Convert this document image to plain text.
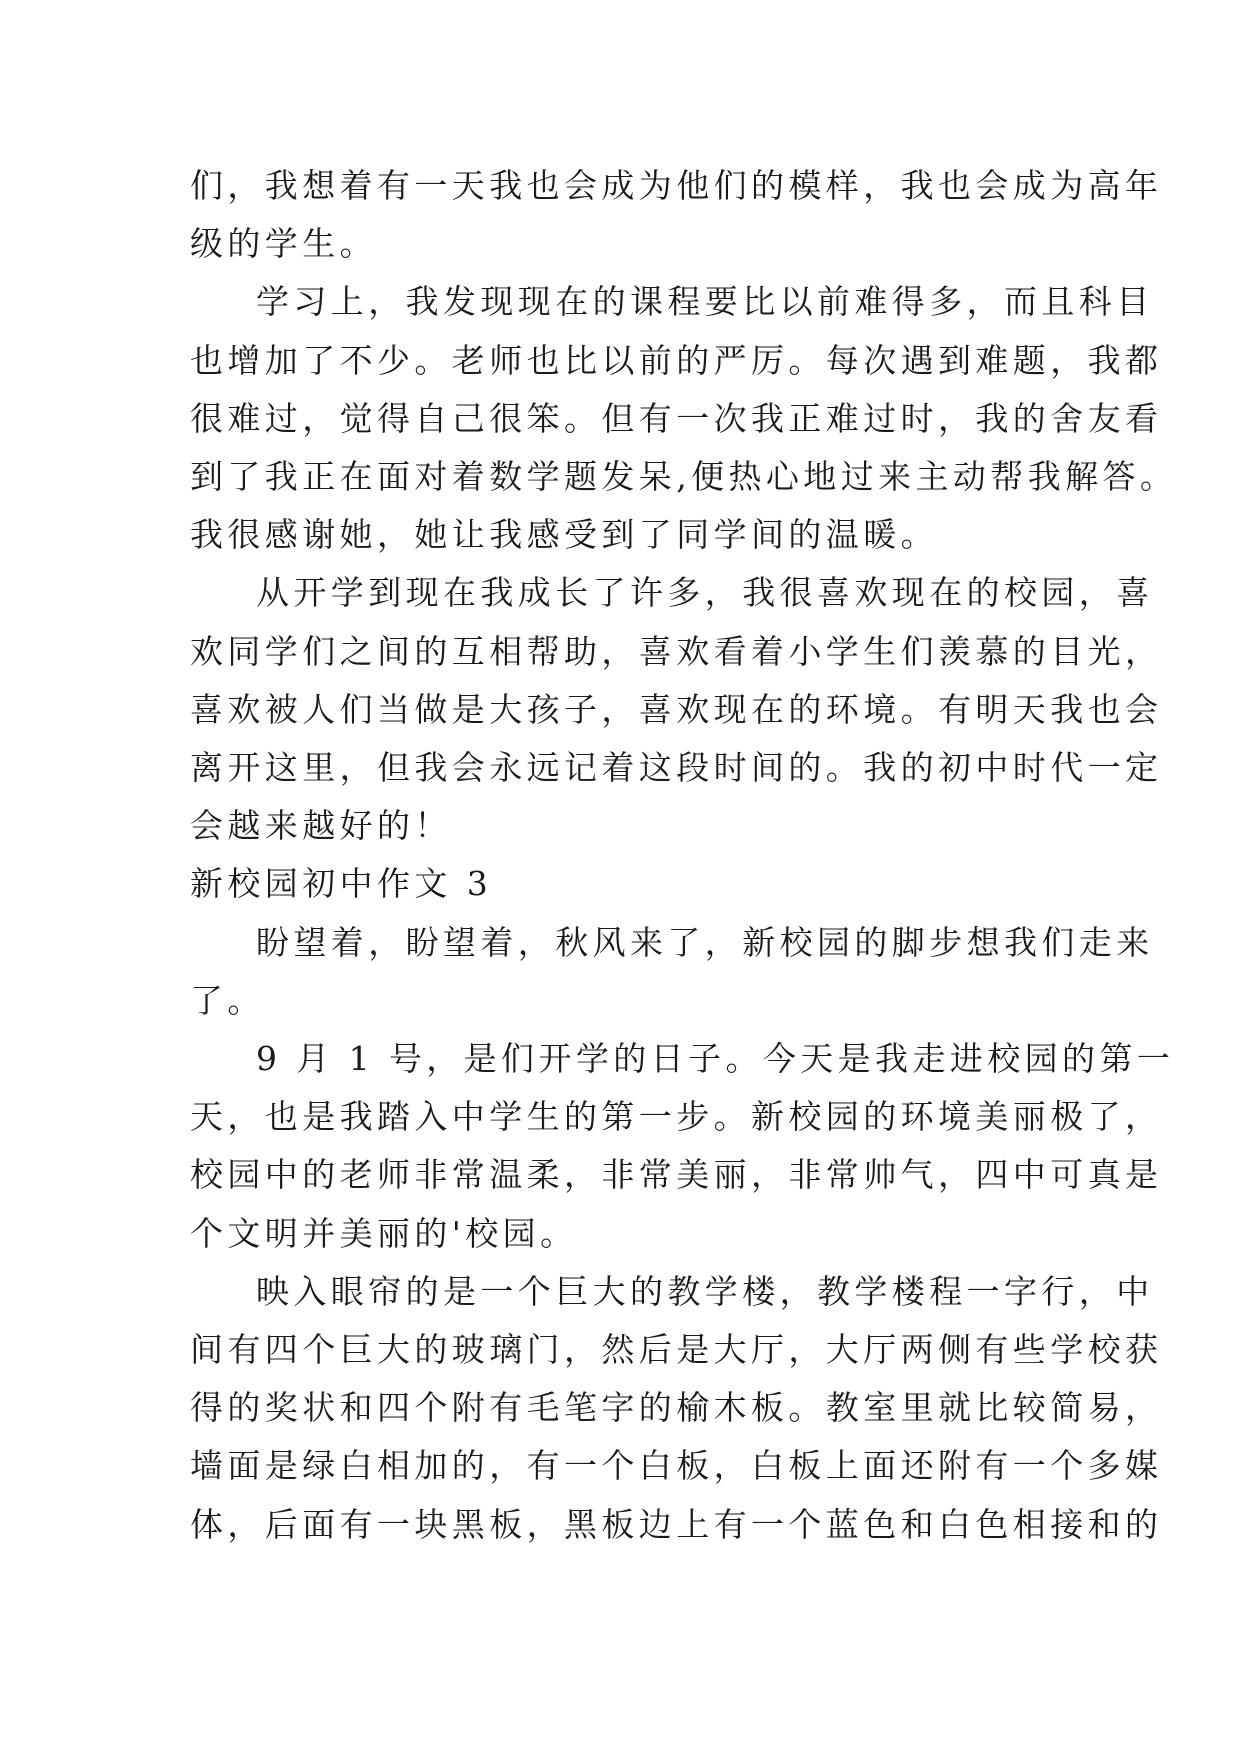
们，我想着有一天我也会成为他们的模样，我也会成为高年

级的学生。

学习上，我发现现在的课程要比以前难得多，而且科目

也增加了不少。老师也比以前的严厉。每次遇到难题，我都

很难过，觉得自己很笨。但有一次我正难过时，我的舍友看

到了我正在面对着数学题发呆,便热心地过来主动帮我解答。

我很感谢她，她让我感受到了同学间的温暖。

从开学到现在我成长了许多，我很喜欢现在的校园，喜

欢同学们之间的互相帮助，喜欢看着小学生们羡慕的目光，

喜欢被人们当做是大孩子，喜欢现在的环境。有明天我也会

离开这里，但我会永远记着这段时间的。我的初中时代一定

会越来越好的！

新校园初中作文 3

盼望着，盼望着，秋风来了，新校园的脚步想我们走来

了。

9 月 1 号，是们开学的日子。今天是我走进校园的第一

天，也是我踏入中学生的第一步。新校园的环境美丽极了，

校园中的老师非常温柔，非常美丽，非常帅气，四中可真是

个文明并美丽的'校园。

映入眼帘的是一个巨大的教学楼，教学楼程一字行，中

间有四个巨大的玻璃门，然后是大厅，大厅两侧有些学校获

得的奖状和四个附有毛笔字的榆木板。教室里就比较简易，

墙面是绿白相加的，有一个白板，白板上面还附有一个多媒

体，后面有一块黑板，黑板边上有一个蓝色和白色相接和的
